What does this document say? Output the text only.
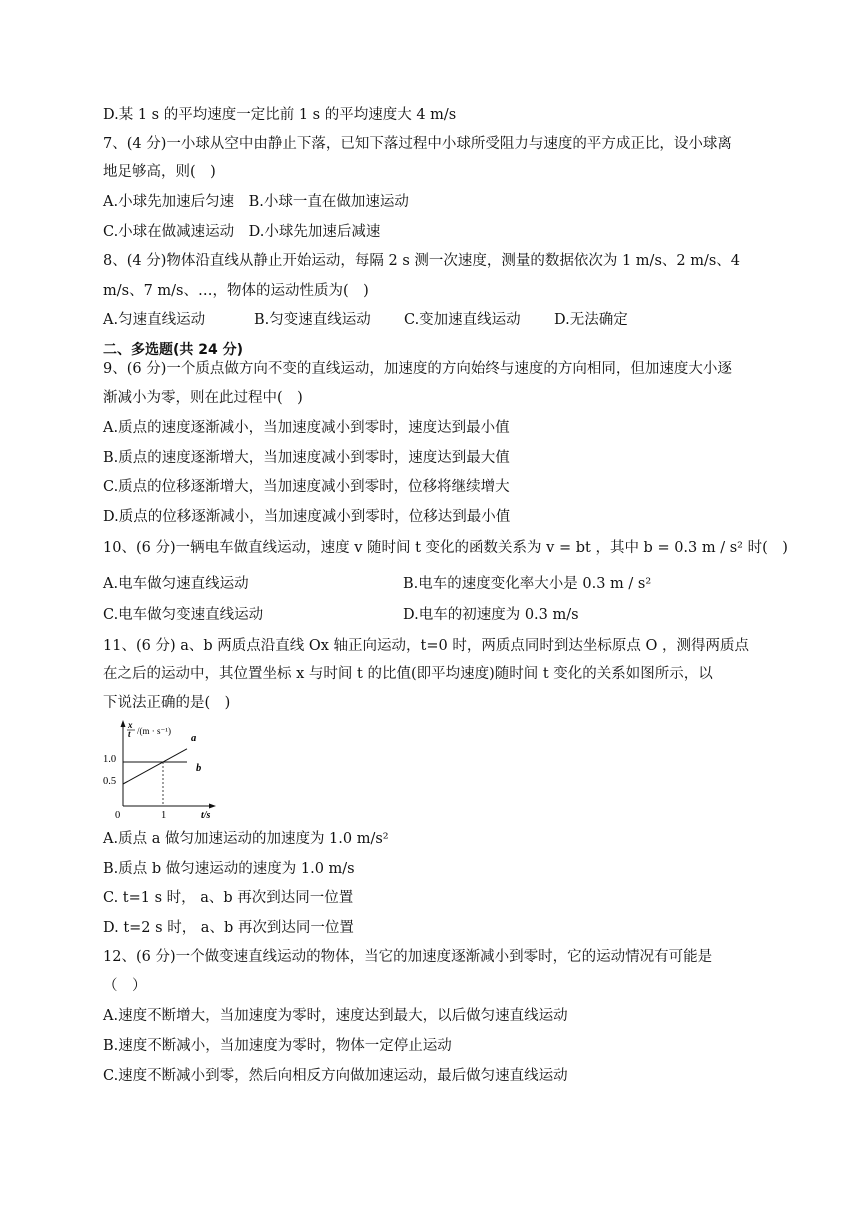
D.某 1 s 的平均速度一定比前 1 s 的平均速度大 4 m/s
7、(4 分)一小球从空中由静止下落，已知下落过程中小球所受阻力与速度的平方成正比，设小球离
地足够高，则(　)
A.小球先加速后匀速　B.小球一直在做加速运动
C.小球在做减速运动　D.小球先加速后减速
8、(4 分)物体沿直线从静止开始运动，每隔 2 s 测一次速度，测量的数据依次为 1 m/s、2 m/s、4
m/s、7 m/s、…，物体的运动性质为(　)
A.匀速直线运动	B.匀变速直线运动 C.变加速直线运动 D.无法确定
二、多选题(共 24 分)
9、(6 分)一个质点做方向不变的直线运动，加速度的方向始终与速度的方向相同，但加速度大小逐
渐减小为零，则在此过程中(　)
A.质点的速度逐渐减小，当加速度减小到零时，速度达到最小值
B.质点的速度逐渐增大，当加速度减小到零时，速度达到最大值
C.质点的位移逐渐增大，当加速度减小到零时，位移将继续增大
D.质点的位移逐渐减小，当加速度减小到零时，位移达到最小值
10、(6 分)一辆电车做直线运动，速度 v 随时间 t 变化的函数关系为 v = bt ，其中 b = 0.3 m / s² 时(　)
A.电车做匀速直线运动	B.电车的速度变化率大小是 0.3 m / s²
C.电车做匀变速直线运动	D.电车的初速度为 0.3 m/s
11、(6 分) a、b 两质点沿直线 Ox 轴正向运动，t=0 时，两质点同时到达坐标原点 O ，测得两质点
在之后的运动中，其位置坐标 x 与时间 t 的比值(即平均速度)随时间 t 变化的关系如图所示，以
下说法正确的是(　)
x
t /(m · s⁻¹)
1.0
0.5
0	1	t/s
a
b
A.质点 a 做匀加速运动的加速度为 1.0 m/s²
B.质点 b 做匀速运动的速度为 1.0 m/s
C. t=1 s 时， a、b 再次到达同一位置
D. t=2 s 时， a、b 再次到达同一位置
12、(6 分)一个做变速直线运动的物体，当它的加速度逐渐减小到零时，它的运动情况有可能是
（　）
A.速度不断增大，当加速度为零时，速度达到最大，以后做匀速直线运动
B.速度不断减小，当加速度为零时，物体一定停止运动
C.速度不断减小到零，然后向相反方向做加速运动，最后做匀速直线运动
